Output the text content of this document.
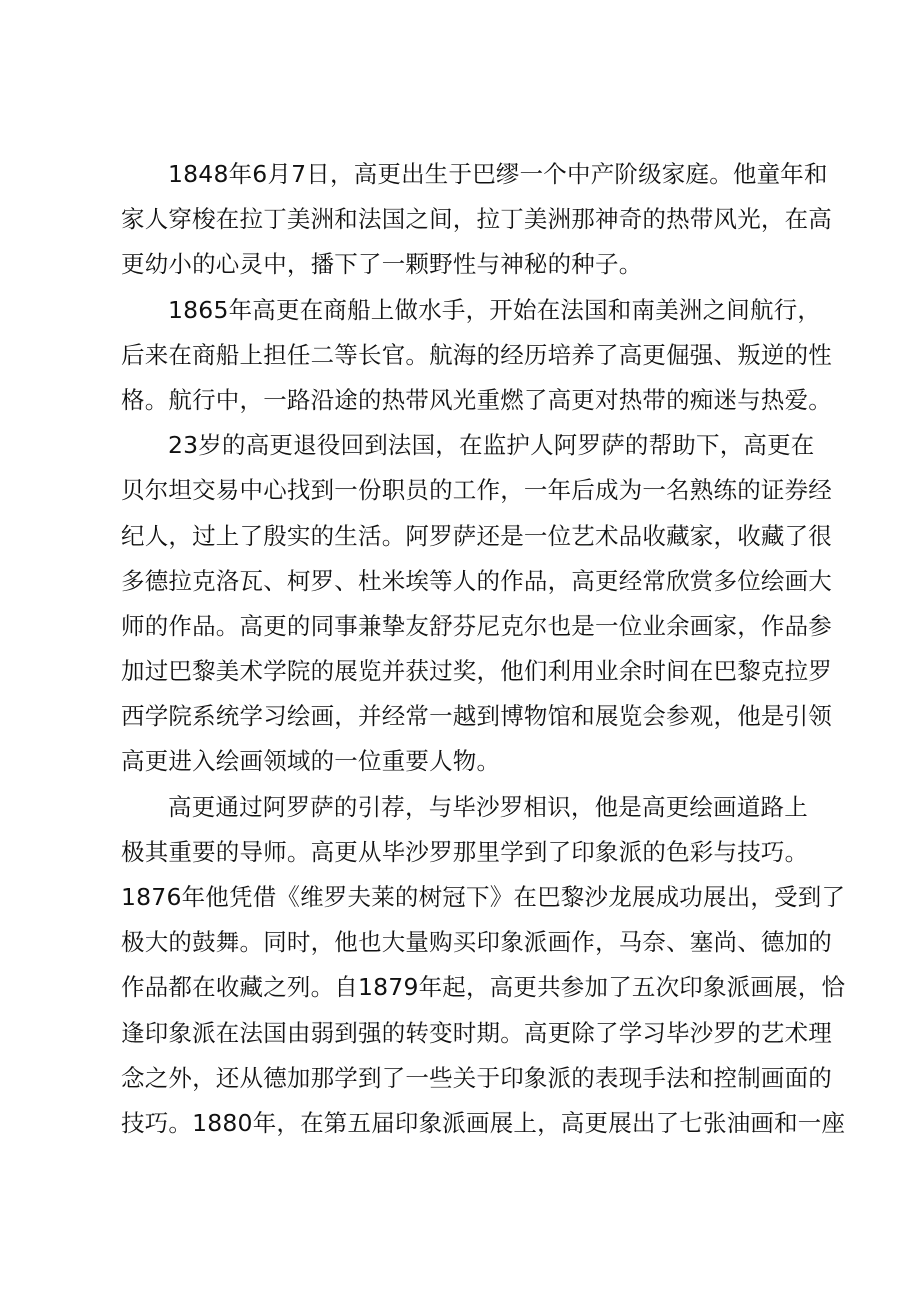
1848年6月7日，高更出生于巴缪一个中产阶级家庭。他童年和
家人穿梭在拉丁美洲和法国之间，拉丁美洲那神奇的热带风光，在高
更幼小的心灵中，播下了一颗野性与神秘的种子。
1865年高更在商船上做水手，开始在法国和南美洲之间航行，
后来在商船上担任二等长官。航海的经历培养了高更倔强、叛逆的性
格。航行中，一路沿途的热带风光重燃了高更对热带的痴迷与热爱。
23岁的高更退役回到法国，在监护人阿罗萨的帮助下，高更在
贝尔坦交易中心找到一份职员的工作，一年后成为一名熟练的证券经
纪人，过上了殷实的生活。阿罗萨还是一位艺术品收藏家，收藏了很
多德拉克洛瓦、柯罗、杜米埃等人的作品，高更经常欣赏多位绘画大
师的作品。高更的同事兼挚友舒芬尼克尔也是一位业余画家，作品参
加过巴黎美术学院的展览并获过奖，他们利用业余时间在巴黎克拉罗
西学院系统学习绘画，并经常一越到博物馆和展览会参观，他是引领
高更进入绘画领域的一位重要人物。
高更通过阿罗萨的引荐，与毕沙罗相识，他是高更绘画道路上
极其重要的导师。高更从毕沙罗那里学到了印象派的色彩与技巧。
1876年他凭借《维罗夫莱的树冠下》在巴黎沙龙展成功展出，受到了
极大的鼓舞。同时，他也大量购买印象派画作，马奈、塞尚、德加的
作品都在收藏之列。自1879年起，高更共参加了五次印象派画展，恰
逢印象派在法国由弱到强的转变时期。高更除了学习毕沙罗的艺术理
念之外，还从德加那学到了一些关于印象派的表现手法和控制画面的
技巧。1880年，在第五届印象派画展上，高更展出了七张油画和一座
